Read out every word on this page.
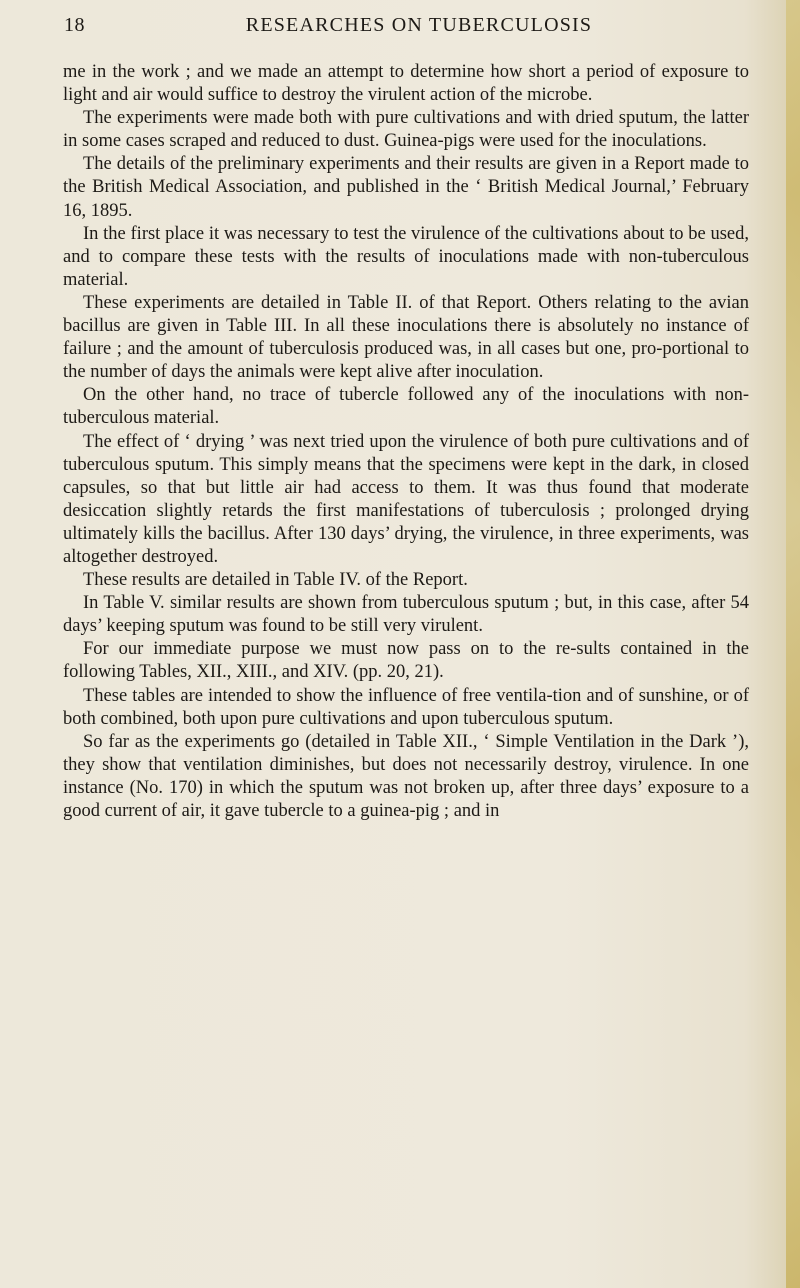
18	RESEARCHES ON TUBERCULOSIS

me in the work ; and we made an attempt to determine how short a period of exposure to light and air would suffice to destroy the virulent action of the microbe.

The experiments were made both with pure cultivations and with dried sputum, the latter in some cases scraped and reduced to dust. Guinea-pigs were used for the inoculations.

The details of the preliminary experiments and their results are given in a Report made to the British Medical Association, and published in the ‘ British Medical Journal,’ February 16, 1895.

In the first place it was necessary to test the virulence of the cultivations about to be used, and to compare these tests with the results of inoculations made with non-tuberculous material.

These experiments are detailed in Table II. of that Report. Others relating to the avian bacillus are given in Table III. In all these inoculations there is absolutely no instance of failure ; and the amount of tuberculosis produced was, in all cases but one, pro-portional to the number of days the animals were kept alive after inoculation.

On the other hand, no trace of tubercle followed any of the inoculations with non-tuberculous material.

The effect of ‘ drying ’ was next tried upon the virulence of both pure cultivations and of tuberculous sputum. This simply means that the specimens were kept in the dark, in closed capsules, so that but little air had access to them. It was thus found that moderate desiccation slightly retards the first manifestations of tuberculosis ; prolonged drying ultimately kills the bacillus. After 130 days’ drying, the virulence, in three experiments, was altogether destroyed.

These results are detailed in Table IV. of the Report.

In Table V. similar results are shown from tuberculous sputum ; but, in this case, after 54 days’ keeping sputum was found to be still very virulent.

For our immediate purpose we must now pass on to the re-sults contained in the following Tables, XII., XIII., and XIV. (pp. 20, 21).

These tables are intended to show the influence of free ventila-tion and of sunshine, or of both combined, both upon pure cultivations and upon tuberculous sputum.

So far as the experiments go (detailed in Table XII., ‘ Simple Ventilation in the Dark ’), they show that ventilation diminishes, but does not necessarily destroy, virulence. In one instance (No. 170) in which the sputum was not broken up, after three days’ exposure to a good current of air, it gave tubercle to a guinea-pig ; and in
